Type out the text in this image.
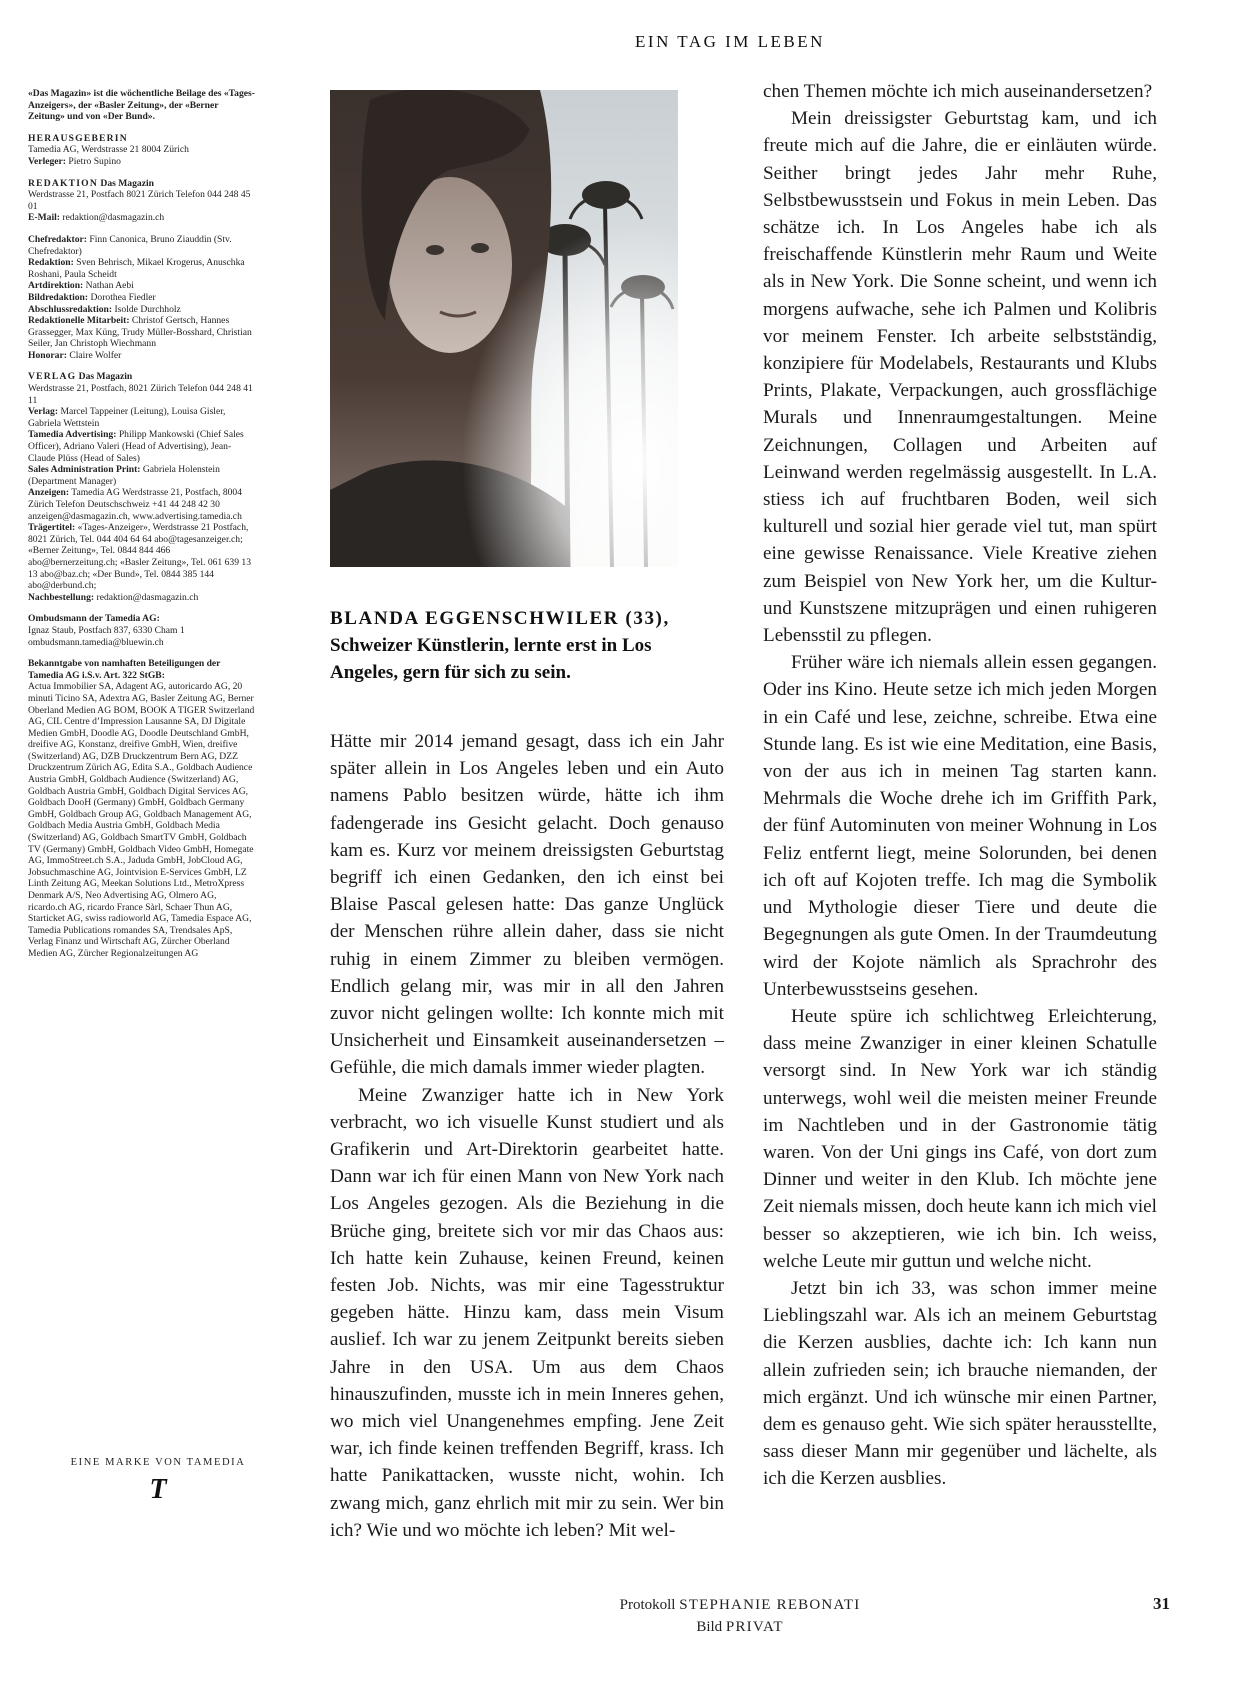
EIN TAG IM LEBEN

«Das Magazin» ist die wöchentliche Beilage des «Tages-Anzeigers», der «Basler Zeitung», der «Berner Zeitung» und von «Der Bund».

HERAUSGEBERIN
Tamedia AG, Werdstrasse 21 8004 Zürich
Verleger: Pietro Supino

REDAKTION Das Magazin
Werdstrasse 21, Postfach 8021 Zürich Telefon 044 248 45 01
E-Mail: redaktion@dasmagazin.ch

Chefredaktor: Finn Canonica, Bruno Ziauddin (Stv. Chefredaktor)
Redaktion: Sven Behrisch, Mikael Krogerus, Anuschka Roshani, Paula Scheidt
Artdirektion: Nathan Aebi
Bildredaktion: Dorothea Fiedler
Abschlussredaktion: Isolde Durchholz
Redaktionelle Mitarbeit: Christof Gertsch, Hannes Grassegger, Max Küng, Trudy Müller-Bosshard, Christian Seiler, Jan Christoph Wiechmann
Honorar: Claire Wolfer

VERLAG Das Magazin
Werdstrasse 21, Postfach, 8021 Zürich Telefon 044 248 41 11
Verlag: Marcel Tappeiner (Leitung), Louisa Gisler, Gabriela Wettstein
Tamedia Advertising: Philipp Mankowski (Chief Sales Officer), Adriano Valeri (Head of Advertising), Jean-Claude Plüss (Head of Sales)
Sales Administration Print: Gabriela Holenstein (Department Manager)
Anzeigen: Tamedia AG Werdstrasse 21, Postfach, 8004 Zürich Telefon Deutschschweiz +41 44 248 42 30 anzeigen@dasmagazin.ch, www.advertising.tamedia.ch
Trägertitel: «Tages-Anzeiger», Werdstrasse 21 Postfach, 8021 Zürich, Tel. 044 404 64 64 abo@tagesanzeiger.ch; «Berner Zeitung», Tel. 0844 844 466 abo@bernerzeitung.ch; «Basler Zeitung», Tel. 061 639 13 13 abo@baz.ch; «Der Bund», Tel. 0844 385 144 abo@derbund.ch;
Nachbestellung: redaktion@dasmagazin.ch

Ombudsmann der Tamedia AG:
Ignaz Staub, Postfach 837, 6330 Cham 1 ombudsmann.tamedia@bluewin.ch

Bekanntgabe von namhaften Beteiligungen der Tamedia AG i.S.v. Art. 322 StGB:
Actua Immobilier SA, Adagent AG, autoricardo AG, 20 minuti Ticino SA, Adextra AG, Basler Zeitung AG, Berner Oberland Medien AG BOM, BOOK A TIGER Switzerland AG, CIL Centre d’Impression Lausanne SA, DJ Digitale Medien GmbH, Doodle AG, Doodle Deutschland GmbH, dreifive AG, Konstanz, dreifive GmbH, Wien, dreifive (Switzerland) AG, DZB Druckzentrum Bern AG, DZZ Druckzentrum Zürich AG, Edita S.A., Goldbach Audience Austria GmbH, Goldbach Audience (Switzerland) AG, Goldbach Austria GmbH, Goldbach Digital Services AG, Goldbach DooH (Germany) GmbH, Goldbach Germany GmbH, Goldbach Group AG, Goldbach Management AG, Goldbach Media Austria GmbH, Goldbach Media (Switzerland) AG, Goldbach SmartTV GmbH, Goldbach TV (Germany) GmbH, Goldbach Video GmbH, Homegate AG, ImmoStreet.ch S.A., Jaduda GmbH, JobCloud AG, Jobsuchmaschine AG, Jointvision E-Services GmbH, LZ Linth Zeitung AG, Meekan Solutions Ltd., MetroXpress Denmark A/S, Neo Advertising AG, Olmero AG, ricardo.ch AG, ricardo France Sàrl, Schaer Thun AG, Starticket AG, swiss radioworld AG, Tamedia Espace AG, Tamedia Publications romandes SA, Trendsales ApS, Verlag Finanz und Wirtschaft AG, Zürcher Oberland Medien AG, Zürcher Regionalzeitungen AG

EINE MARKE VON TAMEDIA
T
BLANDA EGGENSCHWILER (33),
Schweizer Künstlerin, lernte erst in Los Angeles, gern für sich zu sein.

Hätte mir 2014 jemand gesagt, dass ich ein Jahr später allein in Los Angeles leben und ein Auto namens Pablo besitzen würde, hätte ich ihm fadengerade ins Gesicht gelacht. Doch genauso kam es. Kurz vor meinem dreissigsten Geburtstag begriff ich einen Gedanken, den ich einst bei Blaise Pascal gelesen hatte: Das ganze Unglück der Menschen rühre allein daher, dass sie nicht ruhig in einem Zimmer zu bleiben vermögen. Endlich gelang mir, was mir in all den Jahren zuvor nicht gelingen wollte: Ich konnte mich mit Unsicherheit und Einsamkeit auseinandersetzen – Gefühle, die mich damals immer wieder plagten.

Meine Zwanziger hatte ich in New York verbracht, wo ich visuelle Kunst studiert und als Grafikerin und Art-Direktorin gearbeitet hatte. Dann war ich für einen Mann von New York nach Los Angeles gezogen. Als die Beziehung in die Brüche ging, breitete sich vor mir das Chaos aus: Ich hatte kein Zuhause, keinen Freund, keinen festen Job. Nichts, was mir eine Tagesstruktur gegeben hätte. Hinzu kam, dass mein Visum auslief. Ich war zu jenem Zeitpunkt bereits sieben Jahre in den USA. Um aus dem Chaos hinauszufinden, musste ich in mein Inneres gehen, wo mich viel Unangenehmes empfing. Jene Zeit war, ich finde keinen treffenden Begriff, krass. Ich hatte Panikattacken, wusste nicht, wohin. Ich zwang mich, ganz ehrlich mit mir zu sein. Wer bin ich? Wie und wo möchte ich leben? Mit wel-

chen Themen möchte ich mich auseinandersetzen?

Mein dreissigster Geburtstag kam, und ich freute mich auf die Jahre, die er einläuten würde. Seither bringt jedes Jahr mehr Ruhe, Selbstbewusstsein und Fokus in mein Leben. Das schätze ich. In Los Angeles habe ich als freischaffende Künstlerin mehr Raum und Weite als in New York. Die Sonne scheint, und wenn ich morgens aufwache, sehe ich Palmen und Kolibris vor meinem Fenster. Ich arbeite selbstständig, konzipiere für Modelabels, Restaurants und Klubs Prints, Plakate, Verpackungen, auch grossflächige Murals und Innenraumgestaltungen. Meine Zeichnungen, Collagen und Arbeiten auf Leinwand werden regelmässig ausgestellt. In L.A. stiess ich auf fruchtbaren Boden, weil sich kulturell und sozial hier gerade viel tut, man spürt eine gewisse Renaissance. Viele Kreative ziehen zum Beispiel von New York her, um die Kultur- und Kunstszene mitzuprägen und einen ruhigeren Lebensstil zu pflegen.

Früher wäre ich niemals allein essen gegangen. Oder ins Kino. Heute setze ich mich jeden Morgen in ein Café und lese, zeichne, schreibe. Etwa eine Stunde lang. Es ist wie eine Meditation, eine Basis, von der aus ich in meinen Tag starten kann. Mehrmals die Woche drehe ich im Griffith Park, der fünf Autominuten von meiner Wohnung in Los Feliz entfernt liegt, meine Solorunden, bei denen ich oft auf Kojoten treffe. Ich mag die Symbolik und Mythologie dieser Tiere und deute die Begegnungen als gute Omen. In der Traumdeutung wird der Kojote nämlich als Sprachrohr des Unterbewusstseins gesehen.

Heute spüre ich schlichtweg Erleichterung, dass meine Zwanziger in einer kleinen Schatulle versorgt sind. In New York war ich ständig unterwegs, wohl weil die meisten meiner Freunde im Nachtleben und in der Gastronomie tätig waren. Von der Uni gings ins Café, von dort zum Dinner und weiter in den Klub. Ich möchte jene Zeit niemals missen, doch heute kann ich mich viel besser so akzeptieren, wie ich bin. Ich weiss, welche Leute mir guttun und welche nicht.

Jetzt bin ich 33, was schon immer meine Lieblingszahl war. Als ich an meinem Geburtstag die Kerzen ausblies, dachte ich: Ich kann nun allein zufrieden sein; ich brauche niemanden, der mich ergänzt. Und ich wünsche mir einen Partner, dem es genauso geht. Wie sich später herausstellte, sass dieser Mann mir gegenüber und lächelte, als ich die Kerzen ausblies.

Protokoll STEPHANIE REBONATI
Bild PRIVAT
31
